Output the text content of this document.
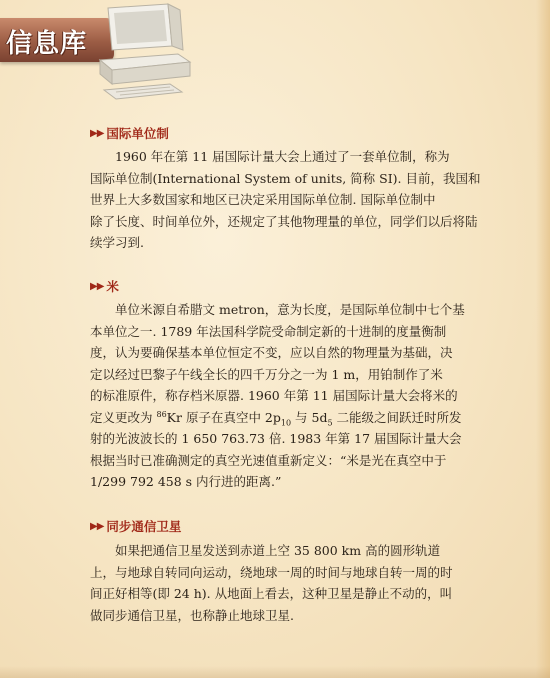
信息库
▶▶ 国际单位制
1960 年在第 11 届国际计量大会上通过了一套单位制，称为
国际单位制(International System of units, 简称 SI). 目前，我国和
世界上大多数国家和地区已决定采用国际单位制. 国际单位制中
除了长度、时间单位外，还规定了其他物理量的单位，同学们以后将陆
续学习到.
▶▶ 米
单位米源自希腊文 metron，意为长度，是国际单位制中七个基
本单位之一. 1789 年法国科学院受命制定新的十进制的度量衡制
度，认为要确保基本单位恒定不变，应以自然的物理量为基础，决
定以经过巴黎子午线全长的四千万分之一为 1 m，用铂制作了米
的标准原件，称存档米原器. 1960 年第 11 届国际计量大会将米的
定义更改为 $^{86}$Kr 原子在真空中 $2p_{10}$ 与 $5d_5$ 二能级之间跃迁时所发
射的光波波长的 1 650 763.73 倍. 1983 年第 17 届国际计量大会
根据当时已准确测定的真空光速值重新定义：“米是光在真空中于
1/299 792 458 s 内行进的距离.”
▶▶ 同步通信卫星
如果把通信卫星发送到赤道上空 35 800 km 高的圆形轨道
上，与地球自转同向运动，绕地球一周的时间与地球自转一周的时
间正好相等(即 24 h). 从地面上看去，这种卫星是静止不动的，叫
做同步通信卫星，也称静止地球卫星.
